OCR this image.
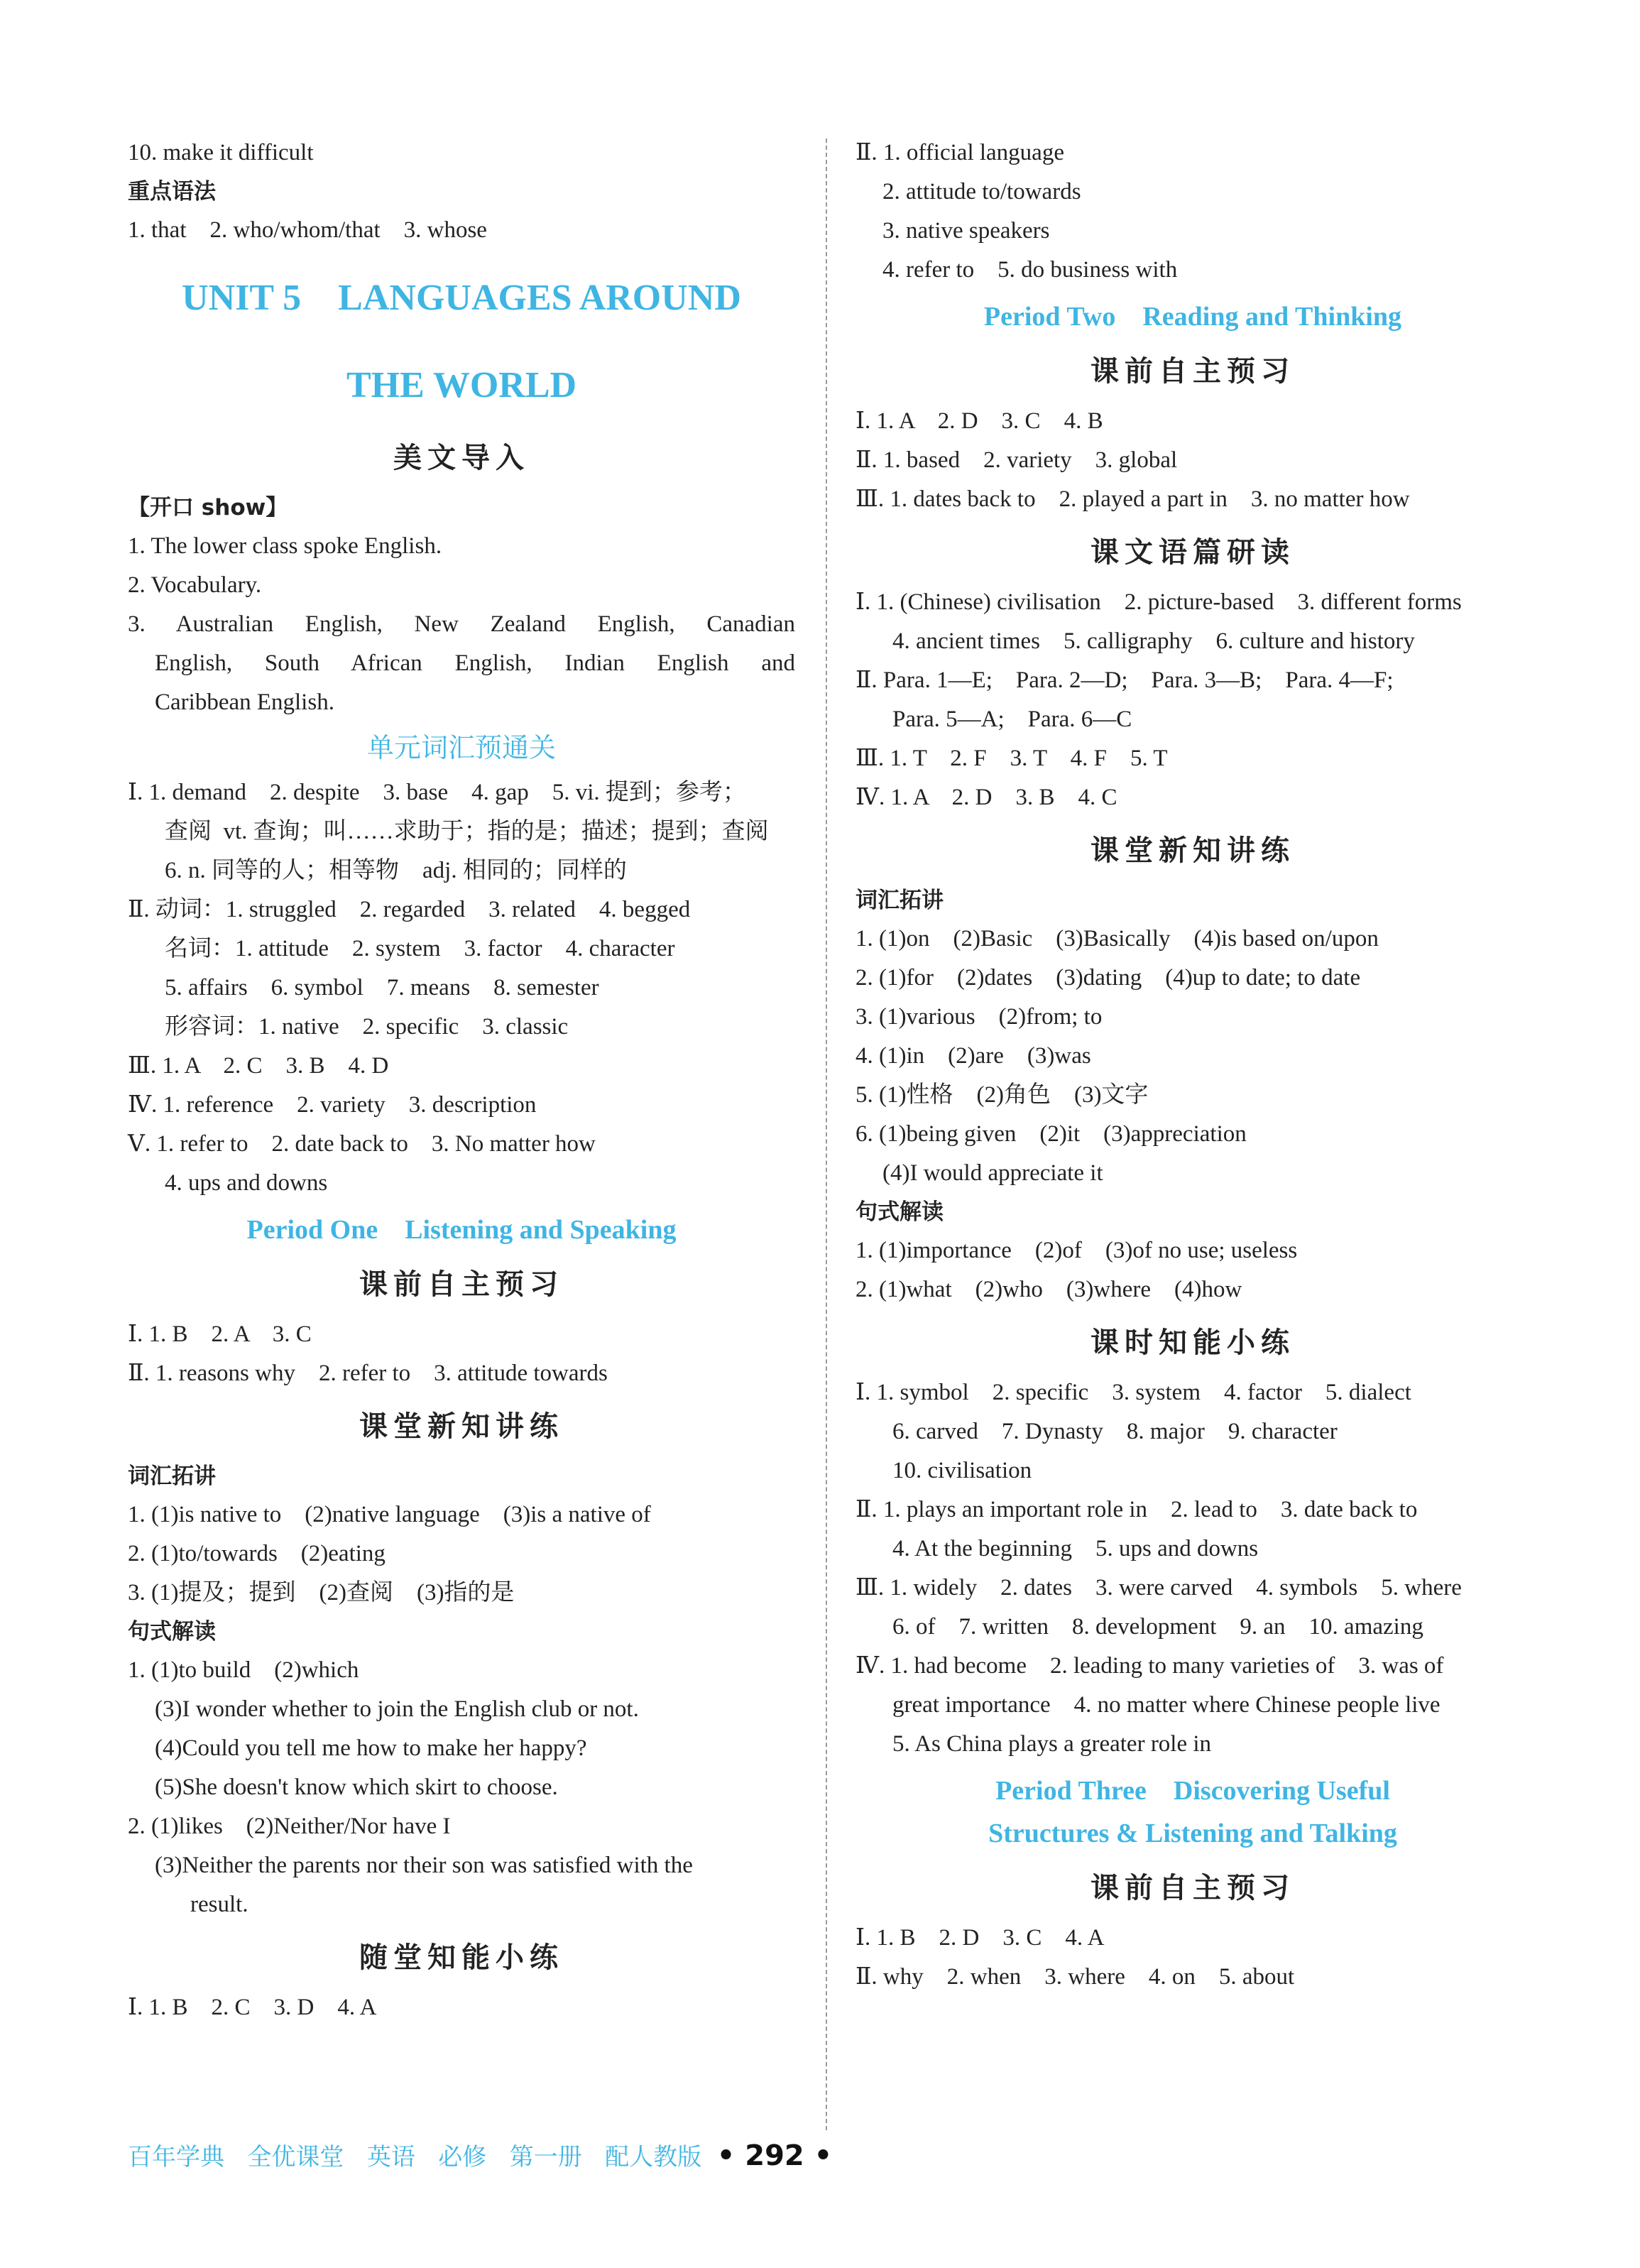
10. make it difficult
重点语法
1. that    2. who/whom/that    3. whose
UNIT 5    LANGUAGES AROUND
THE WORLD
美文导入
【开口 show】
1. The lower class spoke English.
2. Vocabulary.
3. Australian English, New Zealand English, Canadian
English, South African English, Indian English and
Caribbean English.
单元词汇预通关
Ⅰ. 1. demand    2. despite    3. base    4. gap    5. vi. 提到；参考；
查阅  vt. 查询；叫……求助于；指的是；描述；提到；查阅
6. n. 同等的人；相等物    adj. 相同的；同样的
Ⅱ. 动词：1. struggled    2. regarded    3. related    4. begged
名词：1. attitude    2. system    3. factor    4. character
5. affairs    6. symbol    7. means    8. semester
形容词：1. native    2. specific    3. classic
Ⅲ. 1. A    2. C    3. B    4. D
Ⅳ. 1. reference    2. variety    3. description
Ⅴ. 1. refer to    2. date back to    3. No matter how
4. ups and downs
Period One    Listening and Speaking
课前自主预习
Ⅰ. 1. B    2. A    3. C
Ⅱ. 1. reasons why    2. refer to    3. attitude towards
课堂新知讲练
词汇拓讲
1. (1)is native to    (2)native language    (3)is a native of
2. (1)to/towards    (2)eating
3. (1)提及；提到    (2)查阅    (3)指的是
句式解读
1. (1)to build    (2)which
(3)I wonder whether to join the English club or not.
(4)Could you tell me how to make her happy?
(5)She doesn't know which skirt to choose.
2. (1)likes    (2)Neither/Nor have I
(3)Neither the parents nor their son was satisfied with the
result.
随堂知能小练
Ⅰ. 1. B    2. C    3. D    4. A
Ⅱ. 1. official language
2. attitude to/towards
3. native speakers
4. refer to    5. do business with
Period Two    Reading and Thinking
课前自主预习
Ⅰ. 1. A    2. D    3. C    4. B
Ⅱ. 1. based    2. variety    3. global
Ⅲ. 1. dates back to    2. played a part in    3. no matter how
课文语篇研读
Ⅰ. 1. (Chinese) civilisation    2. picture-based    3. different forms
4. ancient times    5. calligraphy    6. culture and history
Ⅱ. Para. 1—E;    Para. 2—D;    Para. 3—B;    Para. 4—F;
Para. 5—A;    Para. 6—C
Ⅲ. 1. T    2. F    3. T    4. F    5. T
Ⅳ. 1. A    2. D    3. B    4. C
课堂新知讲练
词汇拓讲
1. (1)on    (2)Basic    (3)Basically    (4)is based on/upon
2. (1)for    (2)dates    (3)dating    (4)up to date; to date
3. (1)various    (2)from; to
4. (1)in    (2)are    (3)was
5. (1)性格    (2)角色    (3)文字
6. (1)being given    (2)it    (3)appreciation
(4)I would appreciate it
句式解读
1. (1)importance    (2)of    (3)of no use; useless
2. (1)what    (2)who    (3)where    (4)how
课时知能小练
Ⅰ. 1. symbol    2. specific    3. system    4. factor    5. dialect
6. carved    7. Dynasty    8. major    9. character
10. civilisation
Ⅱ. 1. plays an important role in    2. lead to    3. date back to
4. At the beginning    5. ups and downs
Ⅲ. 1. widely    2. dates    3. were carved    4. symbols    5. where
6. of    7. written    8. development    9. an    10. amazing
Ⅳ. 1. had become    2. leading to many varieties of    3. was of
great importance    4. no matter where Chinese people live
5. As China plays a greater role in
Period Three    Discovering Useful
Structures & Listening and Talking
课前自主预习
Ⅰ. 1. B    2. D    3. C    4. A
Ⅱ. why    2. when    3. where    4. on    5. about
百年学典   全优课堂   英语   必修   第一册   配人教版 • 292 •
